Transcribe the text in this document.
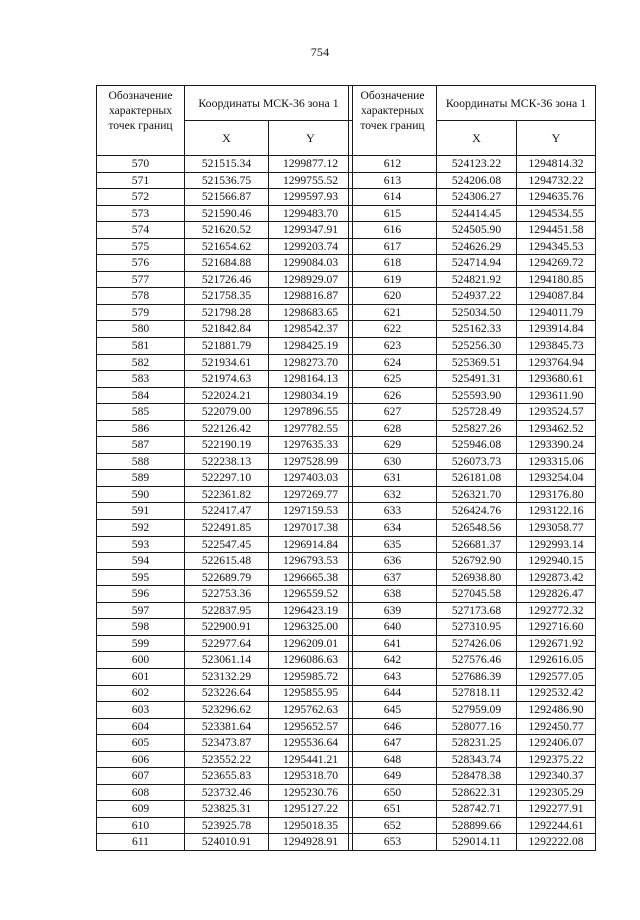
754
Обозначение характерных точек границ	Координаты МСК-36 зона 1	
	X	Y
570	521515.34	1299877.12
571	521536.75	1299755.52
572	521566.87	1299597.93
573	521590.46	1299483.70
574	521620.52	1299347.91
575	521654.62	1299203.74
576	521684.88	1299084.03
577	521726.46	1298929.07
578	521758.35	1298816.87
579	521798.28	1298683.65
580	521842.84	1298542.37
581	521881.79	1298425.19
582	521934.61	1298273.70
583	521974.63	1298164.13
584	522024.21	1298034.19
585	522079.00	1297896.55
586	522126.42	1297782.55
587	522190.19	1297635.33
588	522238.13	1297528.99
589	522297.10	1297403.03
590	522361.82	1297269.77
591	522417.47	1297159.53
592	522491.85	1297017.38
593	522547.45	1296914.84
594	522615.48	1296793.53
595	522689.79	1296665.38
596	522753.36	1296559.52
597	522837.95	1296423.19
598	522900.91	1296325.00
599	522977.64	1296209.01
600	523061.14	1296086.63
601	523132.29	1295985.72
602	523226.64	1295855.95
603	523296.62	1295762.63
604	523381.64	1295652.57
605	523473.87	1295536.64
606	523552.22	1295441.21
607	523655.83	1295318.70
608	523732.46	1295230.76
609	523825.31	1295127.22
610	523925.78	1295018.35
611	524010.91	1294928.91
Обозначение характерных точек границ	Координаты МСК-36 зона 1	
	X	Y
612	524123.22	1294814.32
613	524206.08	1294732.22
614	524306.27	1294635.76
615	524414.45	1294534.55
616	524505.90	1294451.58
617	524626.29	1294345.53
618	524714.94	1294269.72
619	524821.92	1294180.85
620	524937.22	1294087.84
621	525034.50	1294011.79
622	525162.33	1293914.84
623	525256.30	1293845.73
624	525369.51	1293764.94
625	525491.31	1293680.61
626	525593.90	1293611.90
627	525728.49	1293524.57
628	525827.26	1293462.52
629	525946.08	1293390.24
630	526073.73	1293315.06
631	526181.08	1293254.04
632	526321.70	1293176.80
633	526424.76	1293122.16
634	526548.56	1293058.77
635	526681.37	1292993.14
636	526792.90	1292940.15
637	526938.80	1292873.42
638	527045.58	1292826.47
639	527173.68	1292772.32
640	527310.95	1292716.60
641	527426.06	1292671.92
642	527576.46	1292616.05
643	527686.39	1292577.05
644	527818.11	1292532.42
645	527959.09	1292486.90
646	528077.16	1292450.77
647	528231.25	1292406.07
648	528343.74	1292375.22
649	528478.38	1292340.37
650	528622.31	1292305.29
651	528742.71	1292277.91
652	528899.66	1292244.61
653	529014.11	1292222.08
